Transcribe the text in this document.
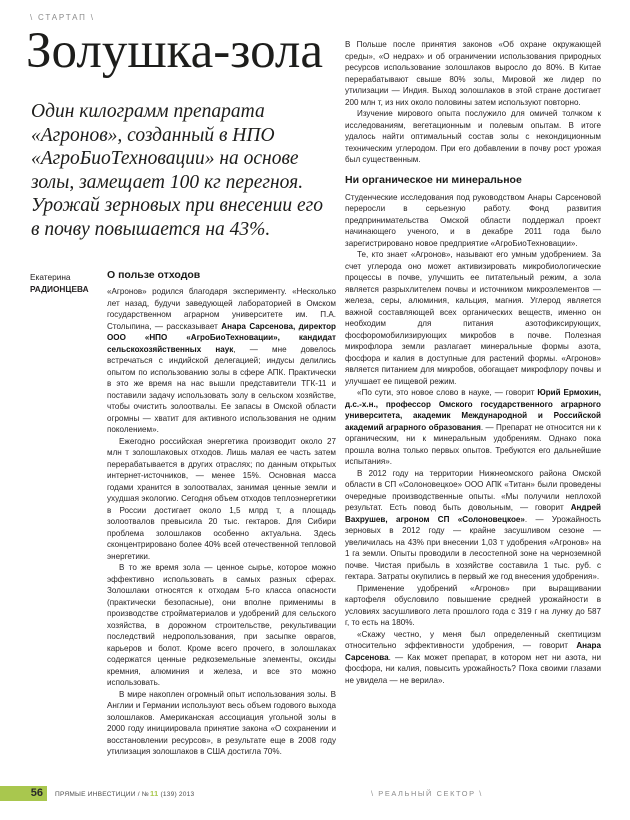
\ СТАРТАП \
Золушка-зола

Один килограмм препарата «Агронов», созданный в НПО «АгроБиоТехновации» на основе золы, замещает 100 кг перегноя. Урожай зерновых при внесении его в почву повышается на 43%.

Екатерина
РАДИОНЦЕВА
О пользе отходов

«Агронов» родился благодаря эксперименту. «Несколько лет назад, будучи заведующей лабораторией в Омском государственном аграрном университете им. П.А. Столыпина, — рассказывает Анара Сарсенова, директор ООО «НПО «АгроБиоТехновации», кандидат сельскохозяйственных наук, — мне довелось встречаться с индийской делегацией; индусы делились опытом по использованию золы в сфере АПК. Практически в это же время на нас вышли представители ТГК-11 и поставили задачу использовать золу в сельском хозяйстве, чтобы очистить золоотвалы. Ее запасы в Омской области огромны — хватит для активного использования не одним поколением».

Ежегодно российская энергетика производит около 27 млн т золошлаковых отходов. Лишь малая ее часть затем перерабатывается в других отраслях; по данным открытых интернет-источников, — менее 15%. Основная масса годами хранится в золоотвалах, занимая ценные земли и ухудшая экологию. Сегодня объем отходов теплоэнергетики в России достигает около 1,5 млрд т, а площадь золоотвалов превысила 20 тыс. гектаров. Для Сибири проблема золошлаков особенно актуальна. Здесь сконцентрировано более 40% всей отечественной тепловой энергетики.

В то же время зола — ценное сырье, которое можно эффективно использовать в самых разных сферах. Золошлаки относятся к отходам 5-го класса опасности (практически безопасные), они вполне применимы в производстве стройматериалов и удобрений для сельского хозяйства, в дорожном строительстве, рекультивации последствий недропользования, при засыпке оврагов, карьеров и болот. Кроме всего прочего, в золошлаках содержатся ценные редкоземельные элементы, оксиды кремния, алюминия и железа, и все это можно использовать.

В мире накоплен огромный опыт использования золы. В Англии и Германии используют весь объем годового выхода золошлаков. Американская ассоциация угольной золы в 2000 году инициировала принятие закона «О сохранении и восстановлении ресурсов», в результате еще в 2008 году утилизация золошлаков в США достигла 70%.

В Польше после принятия законов «Об охране окружающей среды», «О недрах» и об ограничении использования природных ресурсов использование золошлаков выросло до 80%. В Китае перерабатывают свыше 80% золы, Мировой же лидер по утилизации — Индия. Выход золошлаков в этой стране достигает 200 млн т, из них около половины затем используют повторно.

Изучение мирового опыта послужило для омичей толчком к исследованиям, вегетационным и полевым опытам. В итоге удалось найти оптимальный состав золы с некондиционным техническим углеродом. При его добавлении в почву рост урожая был существенным.

Ни органическое ни минеральное

Студенческие исследования под руководством Анары Сарсеновой переросли в серьезную работу. Фонд развития предпринимательства Омской области поддержал проект начинающего ученого, и в декабре 2011 года было зарегистрировано новое предприятие «АгроБиоТехновации».

Те, кто знает «Агронов», называют его умным удобрением. За счет углерода оно может активизировать микробиологические процессы в почве, улучшить ее питательный режим, а зола является разрыхлителем почвы и источником микроэлементов — железа, серы, алюминия, кальция, магния. Углерод является важной составляющей всех органических веществ, именно он необходим для питания азотофиксирующих, фосфоромобилизирующих микробов в почве. Полезная микрофлора земли разлагает минеральные формы азота, фосфора и калия в доступные для растений формы. «Агронов» является питанием для микробов, обогащает микрофлору почвы и улучшает ее пищевой режим.

«По сути, это новое слово в науке, — говорит Юрий Ермохин, д.с.-х.н., профессор Омского государственного аграрного университета, академик Международной и Российской академий аграрного образования. — Препарат не относится ни к органическим, ни к минеральным удобрениям. Однако пока прошла волна только первых опытов. Требуются его дальнейшие испытания».

В 2012 году на территории Нижнеомского района Омской области в СП «Солоновецкое» ООО АПК «Титан» были проведены очередные производственные опыты. «Мы получили неплохой результат. Есть повод быть довольным, — говорит Андрей Вахрушев, агроном СП «Солоновецкое». — Урожайность зерновых в 2012 году — крайне засушливом сезоне — увеличилась на 43% при внесении 1,03 т удобрения «Агронов» на 1 га земли. Опыты проводили в лесостепной зоне на черноземной почве. Чистая прибыль в хозяйстве составила 1 тыс. руб. с гектара. Затраты окупились в первый же год внесения удобрения».

Применение удобрений «Агронов» при выращивании картофеля обусловило повышение средней урожайности в условиях засушливого лета прошлого года с 319 г на лунку до 587 г, то есть на 180%.

«Скажу честно, у меня был определенный скептицизм относительно эффективности удобрения, — говорит Анара Сарсенова. — Как может препарат, в котором нет ни азота, ни фосфора, ни калия, повысить урожайность? Пока своими глазами не увидела — не верила».

56 ПРЯМЫЕ ИНВЕСТИЦИИ / №11 (139) 2013	\ РЕАЛЬНЫЙ СЕКТОР \
